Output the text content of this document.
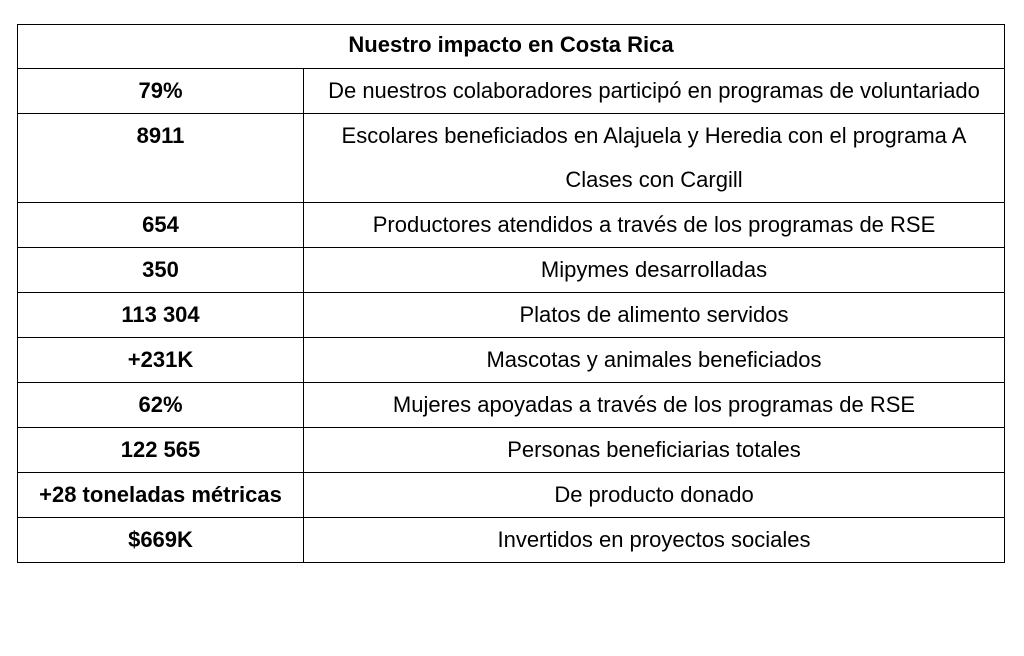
Nuestro impacto en Costa Rica	

79%	De nuestros colaboradores participó en programas de voluntariado

8911	Escolares beneficiados en Alajuela y Heredia con el programa A Clases con Cargill

654	Productores atendidos a través de los programas de RSE

350	Mipymes desarrolladas

113 304	Platos de alimento servidos

+231K	Mascotas y animales beneficiados

62%	Mujeres apoyadas a través de los programas de RSE

122 565	Personas beneficiarias totales

+28 toneladas métricas	De producto donado

$669K	Invertidos en proyectos sociales
